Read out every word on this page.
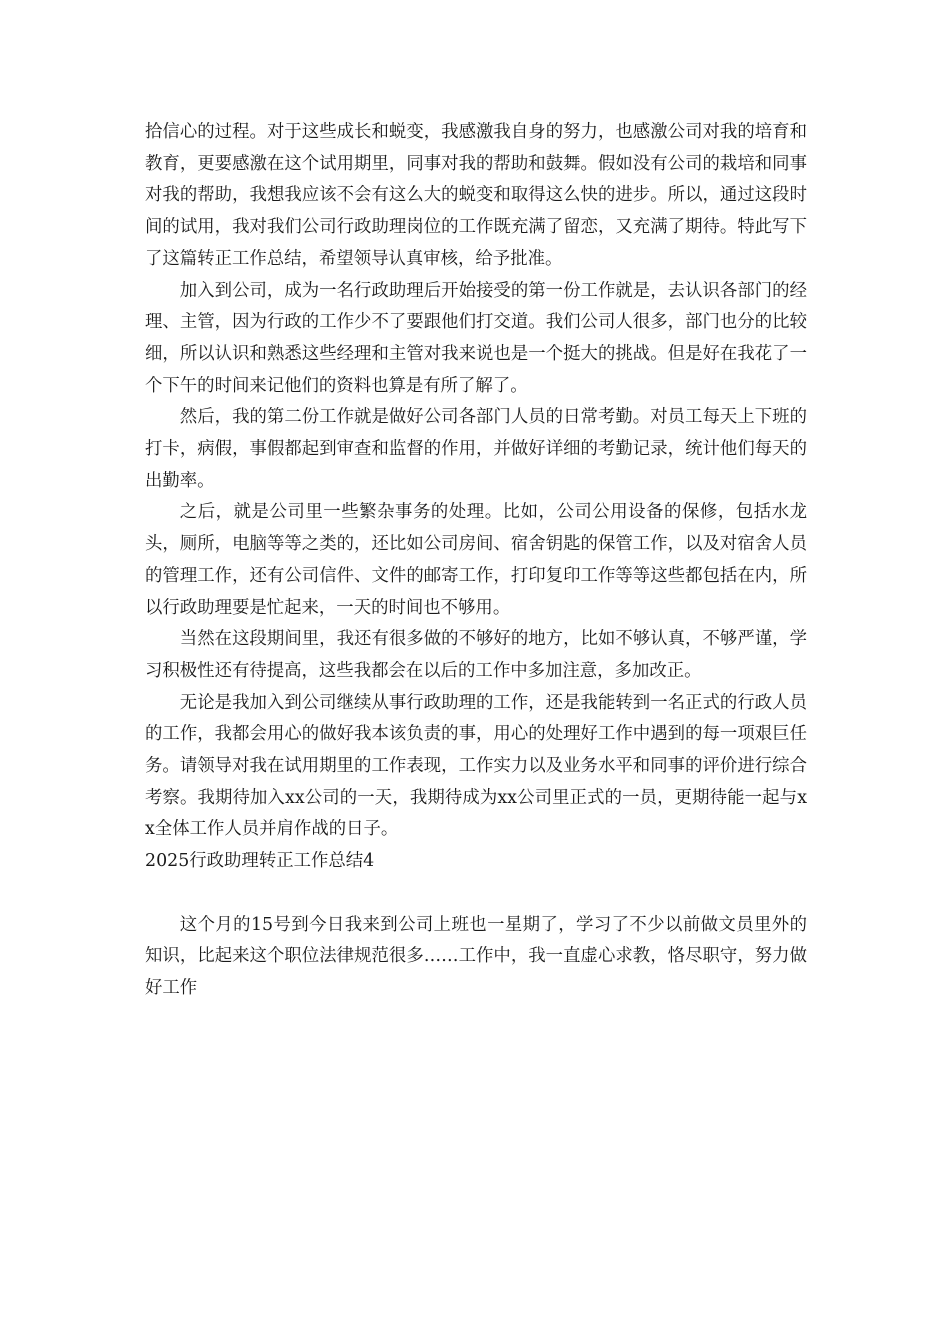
拾信心的过程。对于这些成长和蜕变，我感激我自身的努力，也感激公司对我的培育和教育，更要感激在这个试用期里，同事对我的帮助和鼓舞。假如没有公司的栽培和同事对我的帮助，我想我应该不会有这么大的蜕变和取得这么快的进步。所以，通过这段时间的试用，我对我们公司行政助理岗位的工作既充满了留恋，又充满了期待。特此写下了这篇转正工作总结，希望领导认真审核，给予批准。

加入到公司，成为一名行政助理后开始接受的第一份工作就是，去认识各部门的经理、主管，因为行政的工作少不了要跟他们打交道。我们公司人很多，部门也分的比较细，所以认识和熟悉这些经理和主管对我来说也是一个挺大的挑战。但是好在我花了一个下午的时间来记他们的资料也算是有所了解了。

然后，我的第二份工作就是做好公司各部门人员的日常考勤。对员工每天上下班的打卡，病假，事假都起到审查和监督的作用，并做好详细的考勤记录，统计他们每天的出勤率。

之后，就是公司里一些繁杂事务的处理。比如，公司公用设备的保修，包括水龙头，厕所，电脑等等之类的，还比如公司房间、宿舍钥匙的保管工作，以及对宿舍人员的管理工作，还有公司信件、文件的邮寄工作，打印复印工作等等这些都包括在内，所以行政助理要是忙起来，一天的时间也不够用。

当然在这段期间里，我还有很多做的不够好的地方，比如不够认真，不够严谨，学习积极性还有待提高，这些我都会在以后的工作中多加注意，多加改正。

无论是我加入到公司继续从事行政助理的工作，还是我能转到一名正式的行政人员的工作，我都会用心的做好我本该负责的事，用心的处理好工作中遇到的每一项艰巨任务。请领导对我在试用期里的工作表现，工作实力以及业务水平和同事的评价进行综合考察。我期待加入xx公司的一天，我期待成为xx公司里正式的一员，更期待能一起与xx全体工作人员并肩作战的日子。

2025行政助理转正工作总结4

这个月的15号到今日我来到公司上班也一星期了，学习了不少以前做文员里外的知识，比起来这个职位法律规范很多……工作中，我一直虚心求教，恪尽职守，努力做好工作
